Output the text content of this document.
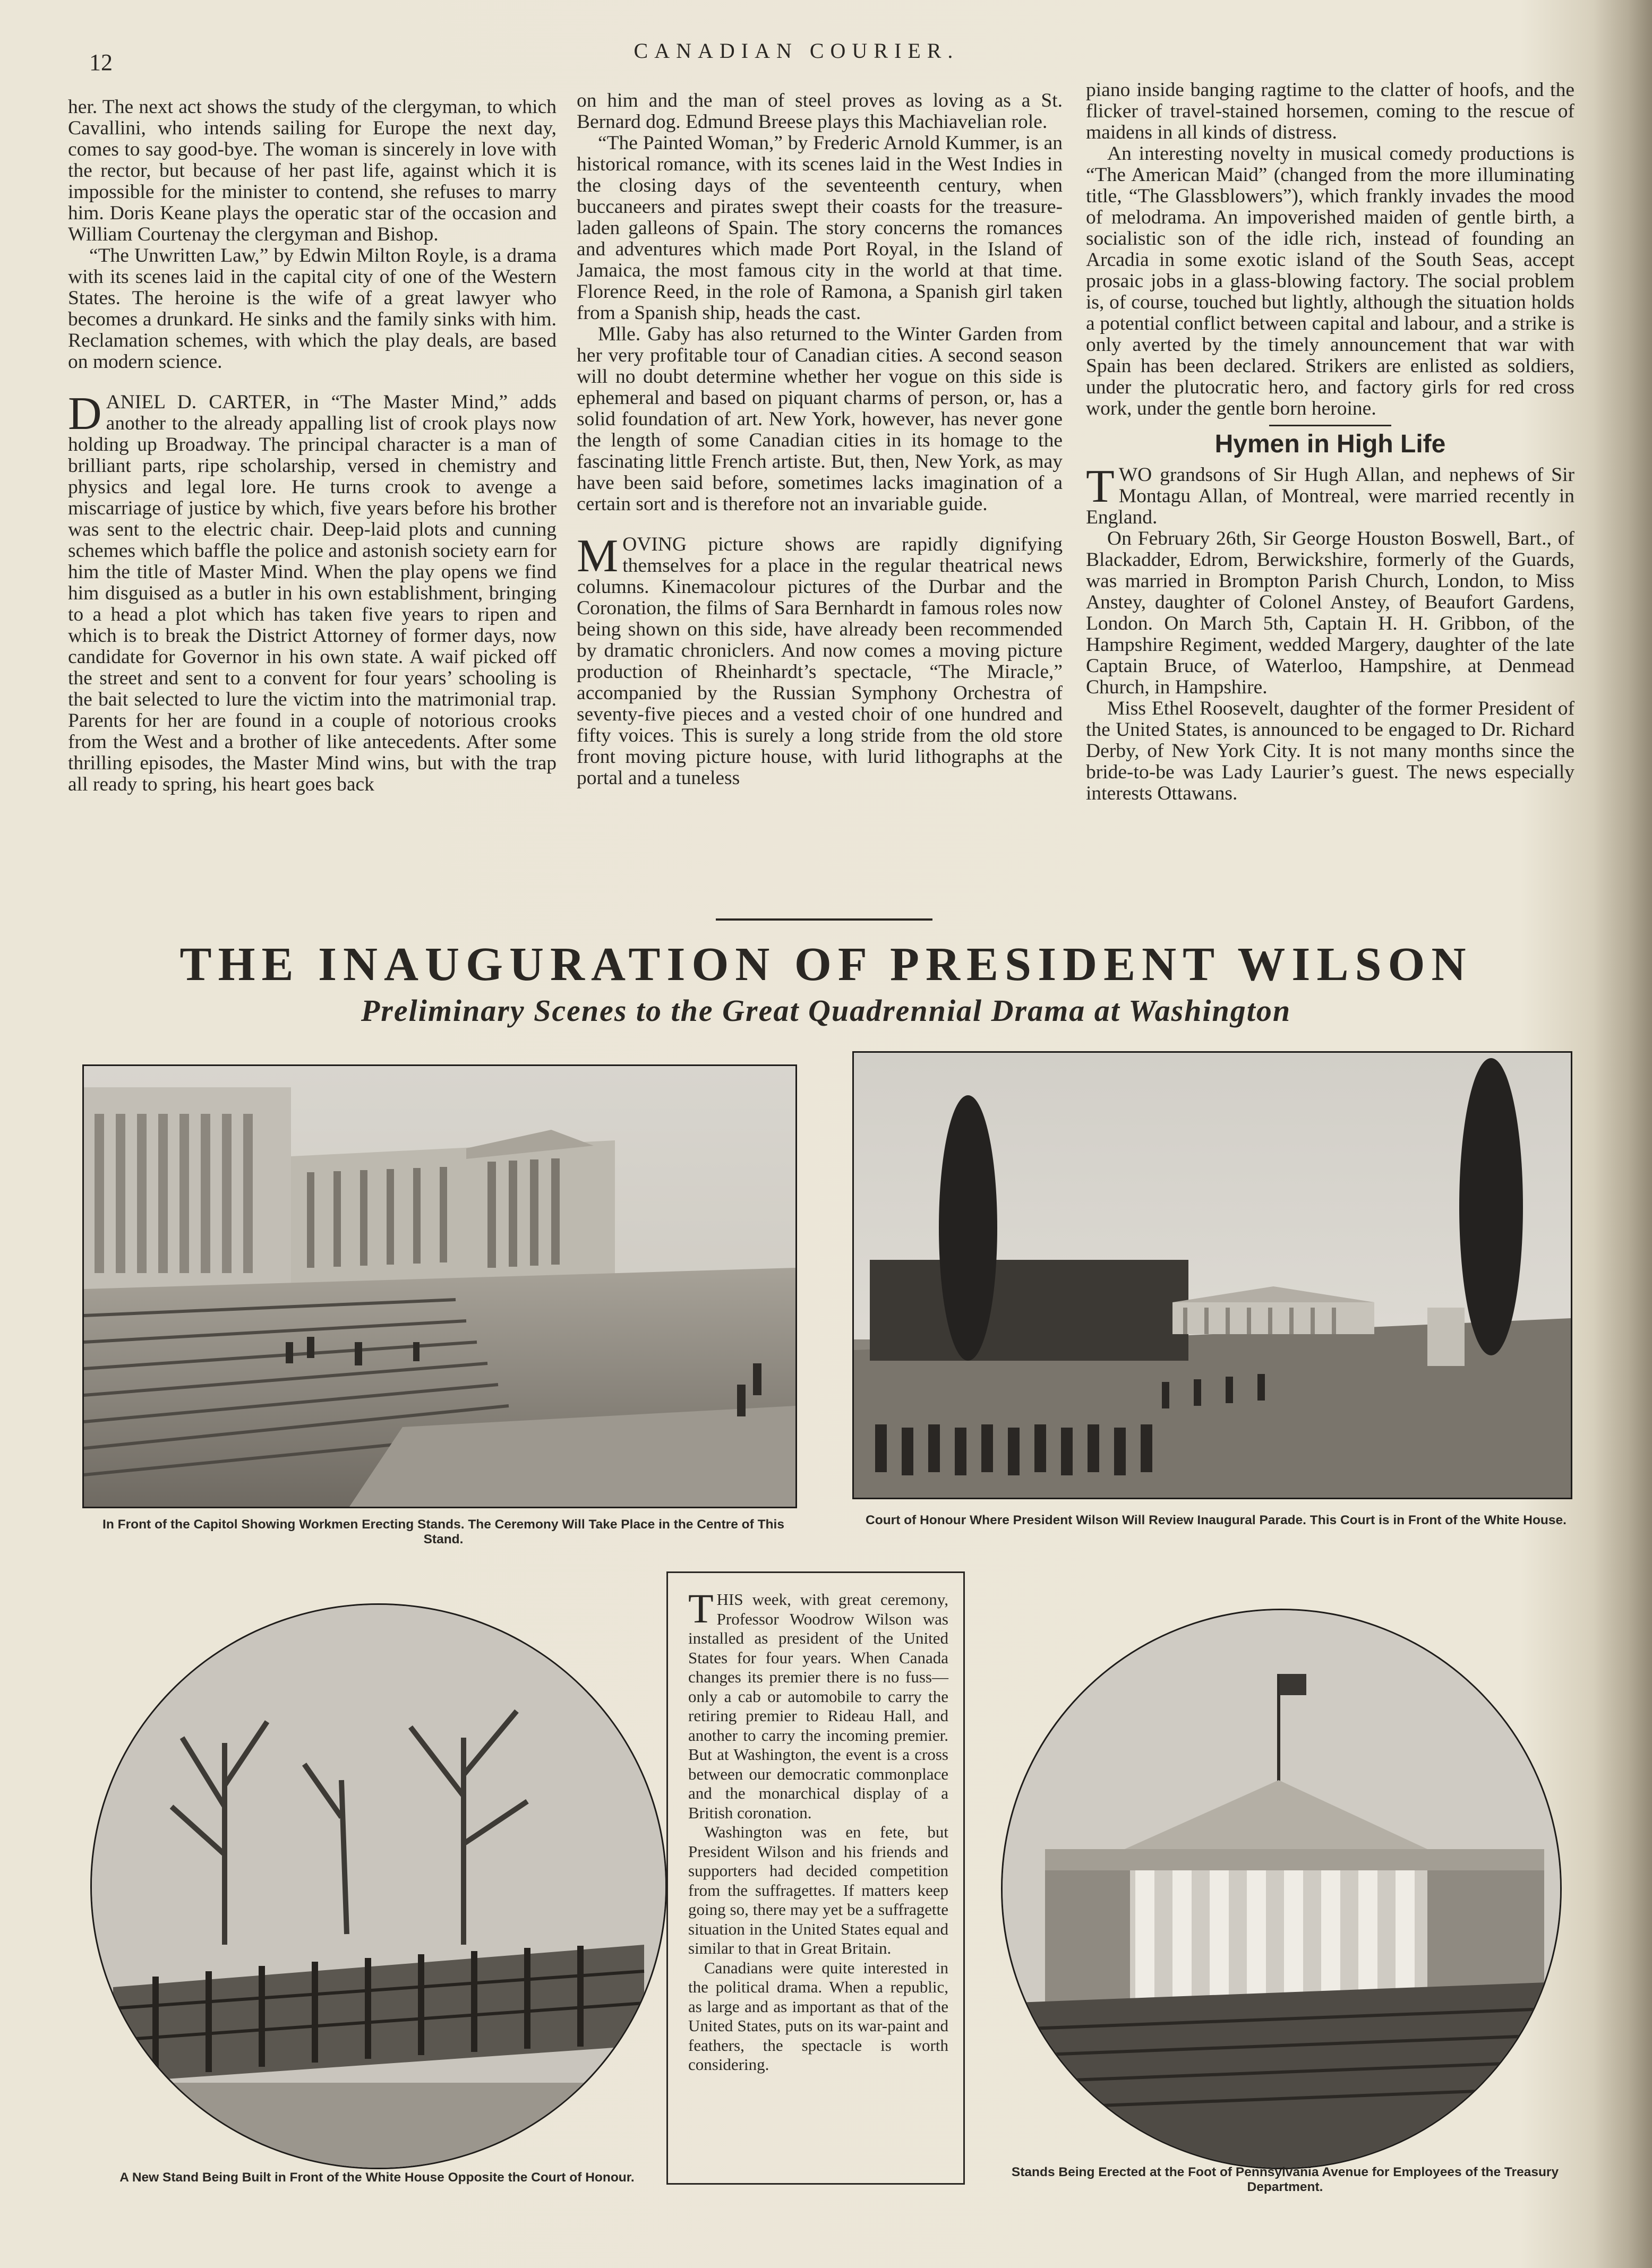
12	CANADIAN COURIER.

her. The next act shows the study of the clergyman, to which Cavallini, who intends sailing for Europe the next day, comes to say good-bye. The woman is sincerely in love with the rector, but because of her past life, against which it is impossible for the minister to contend, she refuses to marry him. Doris Keane plays the operatic star of the occasion and William Courtenay the clergyman and Bishop.

“The Unwritten Law,” by Edwin Milton Royle, is a drama with its scenes laid in the capital city of one of the Western States. The heroine is the wife of a great lawyer who becomes a drunkard. He sinks and the family sinks with him. Reclamation schemes, with which the play deals, are based on modern science.

DANIEL D. CARTER, in “The Master Mind,” adds another to the already appalling list of crook plays now holding up Broadway. The principal character is a man of brilliant parts, ripe scholarship, versed in chemistry and physics and legal lore. He turns crook to avenge a miscarriage of justice by which, five years before his brother was sent to the electric chair. Deep-laid plots and cunning schemes which baffle the police and astonish society earn for him the title of Master Mind. When the play opens we find him disguised as a butler in his own establishment, bringing to a head a plot which has taken five years to ripen and which is to break the District Attorney of former days, now candidate for Governor in his own state. A waif picked off the street and sent to a convent for four years’ schooling is the bait selected to lure the victim into the matrimonial trap. Parents for her are found in a couple of notorious crooks from the West and a brother of like antecedents. After some thrilling episodes, the Master Mind wins, but with the trap all ready to spring, his heart goes back

on him and the man of steel proves as loving as a St. Bernard dog. Edmund Breese plays this Machiavelian role.

“The Painted Woman,” by Frederic Arnold Kummer, is an historical romance, with its scenes laid in the West Indies in the closing days of the seventeenth century, when buccaneers and pirates swept their coasts for the treasure-laden galleons of Spain. The story concerns the romances and adventures which made Port Royal, in the Island of Jamaica, the most famous city in the world at that time. Florence Reed, in the role of Ramona, a Spanish girl taken from a Spanish ship, heads the cast.

Mlle. Gaby has also returned to the Winter Garden from her very profitable tour of Canadian cities. A second season will no doubt determine whether her vogue on this side is ephemeral and based on piquant charms of person, or, has a solid foundation of art. New York, however, has never gone the length of some Canadian cities in its homage to the fascinating little French artiste. But, then, New York, as may have been said before, sometimes lacks imagination of a certain sort and is therefore not an invariable guide.

MOVING picture shows are rapidly dignifying themselves for a place in the regular theatrical news columns. Kinemacolour pictures of the Durbar and the Coronation, the films of Sara Bernhardt in famous roles now being shown on this side, have already been recommended by dramatic chroniclers. And now comes a moving picture production of Rheinhardt’s spectacle, “The Miracle,” accompanied by the Russian Symphony Orchestra of seventy-five pieces and a vested choir of one hundred and fifty voices. This is surely a long stride from the old store front moving picture house, with lurid lithographs at the portal and a tuneless

piano inside banging ragtime to the clatter of hoofs, and the flicker of travel-stained horsemen, coming to the rescue of maidens in all kinds of distress.

An interesting novelty in musical comedy productions is “The American Maid” (changed from the more illuminating title, “The Glassblowers”), which frankly invades the mood of melodrama. An impoverished maiden of gentle birth, a socialistic son of the idle rich, instead of founding an Arcadia in some exotic island of the South Seas, accept prosaic jobs in a glass-blowing factory. The social problem is, of course, touched but lightly, although the situation holds a potential conflict between capital and labour, and a strike is only averted by the timely announcement that war with Spain has been declared. Strikers are enlisted as soldiers, under the plutocratic hero, and factory girls for red cross work, under the gentle born heroine.

Hymen in High Life

TWO grandsons of Sir Hugh Allan, and nephews of Sir Montagu Allan, of Montreal, were married recently in England.

On February 26th, Sir George Houston Boswell, Bart., of Blackadder, Edrom, Berwickshire, formerly of the Guards, was married in Brompton Parish Church, London, to Miss Anstey, daughter of Colonel Anstey, of Beaufort Gardens, London. On March 5th, Captain H. H. Gribbon, of the Hampshire Regiment, wedded Margery, daughter of the late Captain Bruce, of Waterloo, Hampshire, at Denmead Church, in Hampshire.

Miss Ethel Roosevelt, daughter of the former President of the United States, is announced to be engaged to Dr. Richard Derby, of New York City. It is not many months since the bride-to-be was Lady Laurier’s guest. The news especially interests Ottawans.

THE INAUGURATION OF PRESIDENT WILSON
Preliminary Scenes to the Great Quadrennial Drama at Washington
In Front of the Capitol Showing Workmen Erecting Stands. The Ceremony Will Take Place in the Centre of This Stand.
Court of Honour Where President Wilson Will Review Inaugural Parade. This Court is in Front of the White House.
A New Stand Being Built in Front of the White House Opposite the Court of Honour.

THIS week, with great ceremony, Professor Woodrow Wilson was installed as president of the United States for four years. When Canada changes its premier there is no fuss—only a cab or automobile to carry the retiring premier to Rideau Hall, and another to carry the incoming premier. But at Washington, the event is a cross between our democratic commonplace and the monarchical display of a British coronation.

Washington was en fete, but President Wilson and his friends and supporters had decided competition from the suffragettes. If matters keep going so, there may yet be a suffragette situation in the United States equal and similar to that in Great Britain.

Canadians were quite interested in the political drama. When a republic, as large and as important as that of the United States, puts on its war-paint and feathers, the spectacle is worth considering.

Stands Being Erected at the Foot of Pennsylvania Avenue for Employees of the Treasury Department.
